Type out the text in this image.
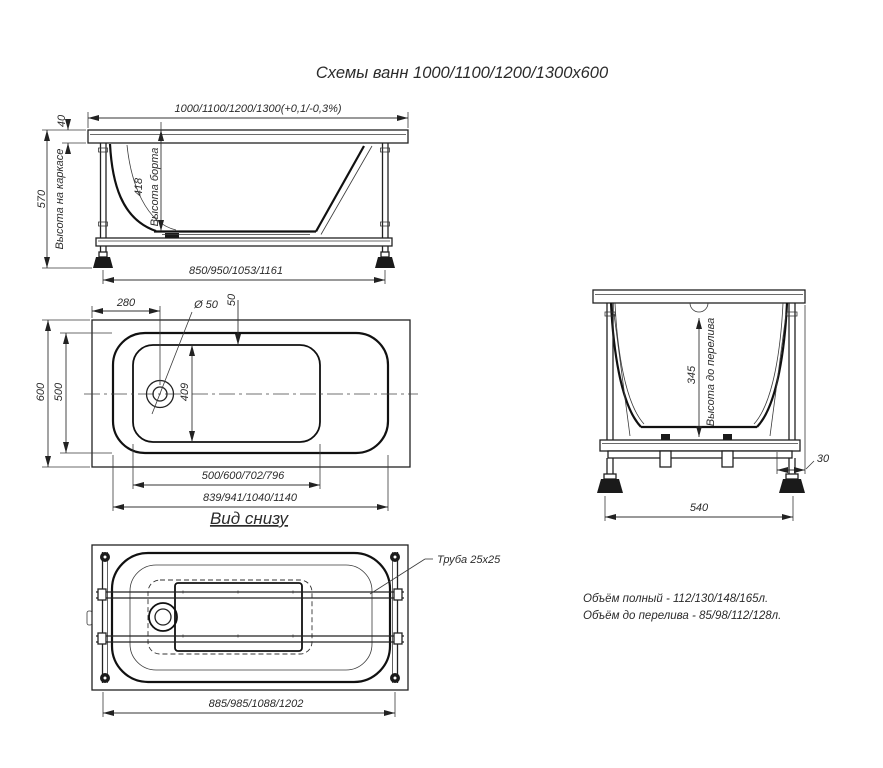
Схемы ванн 1000/1100/1200/1300x600
1000/1100/1200/1300(+0,1/-0,3%)
40
570 Высота на каркасе	418 Высота борта
850/950/1053/1161
Ø 50
280	50
409
600 500
500/600/702/796
839/941/1040/1140
Вид снизу
345 Высота до перелива
30
540
Труба 25x25
885/985/1088/1202
Объём полный - 112/130/148/165л.
Объём до перелива - 85/98/112/128л.
